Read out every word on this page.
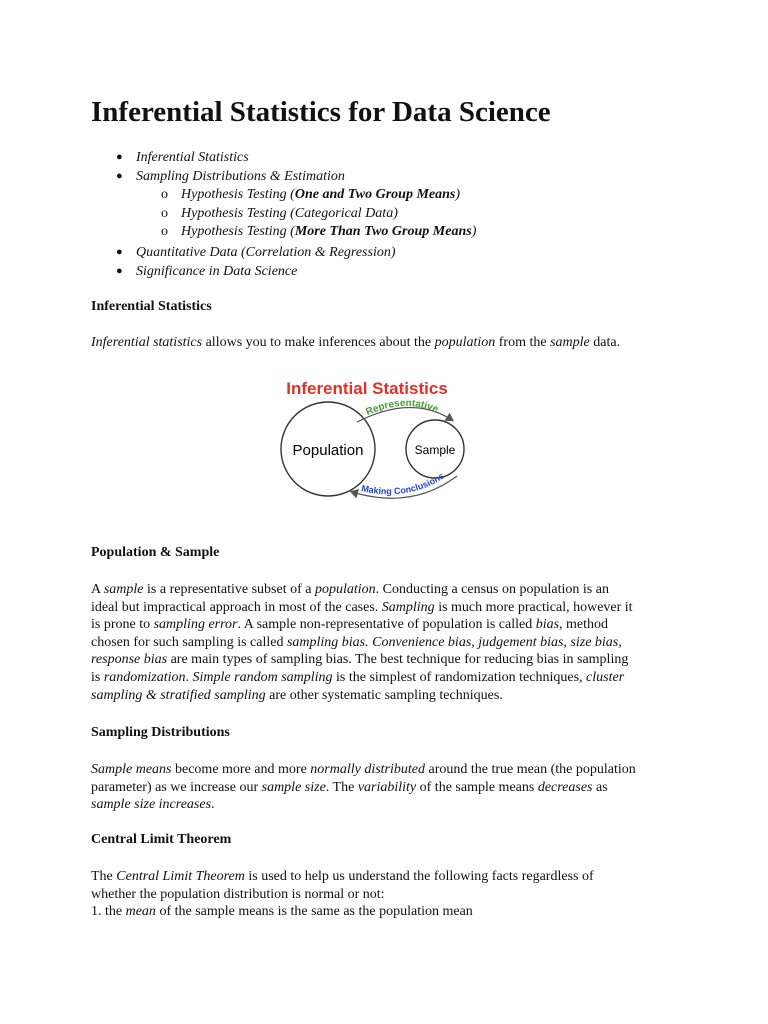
Inferential Statistics for Data Science
● Inferential Statistics
● Sampling Distributions & Estimation
o Hypothesis Testing (One and Two Group Means)
o Hypothesis Testing (Categorical Data)
o Hypothesis Testing (More Than Two Group Means)
● Quantitative Data (Correlation & Regression)
● Significance in Data Science
Inferential Statistics

Inferential statistics allows you to make inferences about the population from the sample data.

Inferential Statistics
Population	Sample
Representative
Making Conclusions
Population & Sample

A sample is a representative subset of a population. Conducting a census on population is an
ideal but impractical approach in most of the cases. Sampling is much more practical, however it
is prone to sampling error. A sample non-representative of population is called bias, method
chosen for such sampling is called sampling bias. Convenience bias, judgement bias, size bias,
response bias are main types of sampling bias. The best technique for reducing bias in sampling
is randomization. Simple random sampling is the simplest of randomization techniques, cluster
sampling & stratified sampling are other systematic sampling techniques.

Sampling Distributions

Sample means become more and more normally distributed around the true mean (the population
parameter) as we increase our sample size. The variability of the sample means decreases as
sample size increases.

Central Limit Theorem

The Central Limit Theorem is used to help us understand the following facts regardless of
whether the population distribution is normal or not:
1. the mean of the sample means is the same as the population mean
